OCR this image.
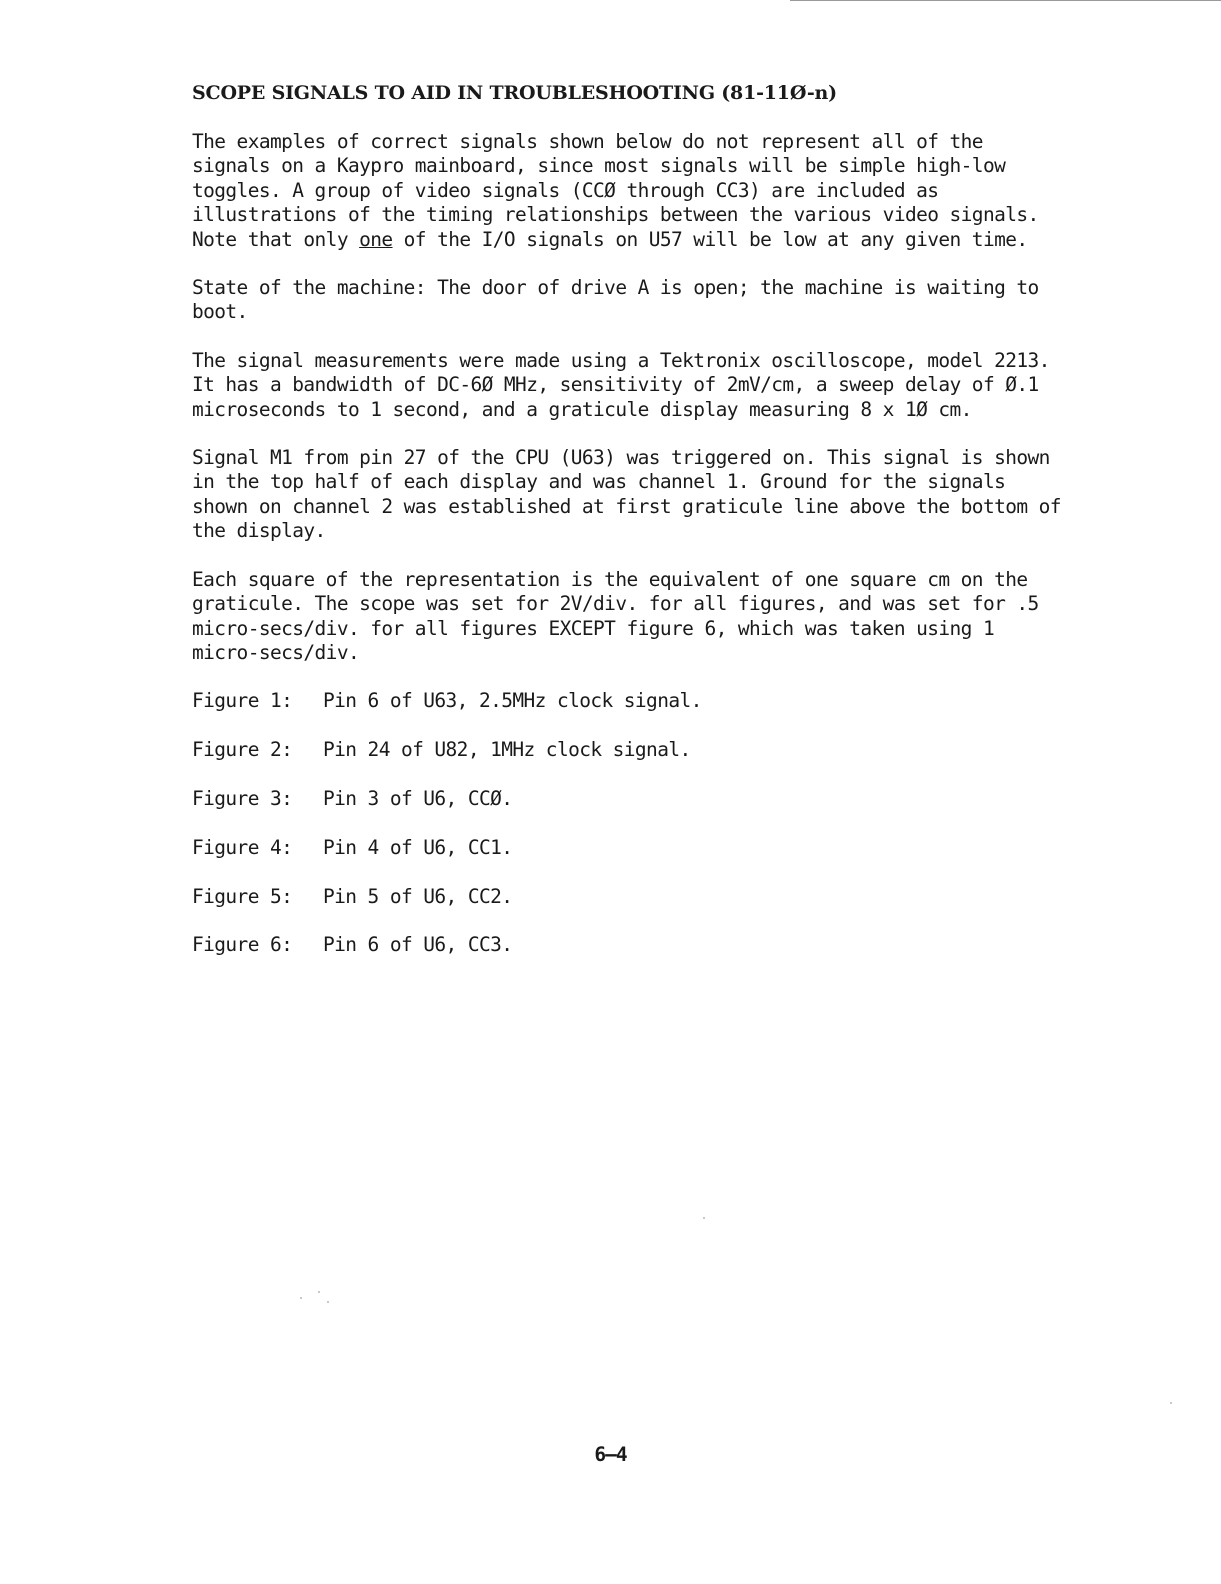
SCOPE SIGNALS TO AID IN TROUBLESHOOTING (81-11Ø-n)

The examples of correct signals shown below do not represent all of the
signals on a Kaypro mainboard, since most signals will be simple high-low
toggles. A group of video signals (CCØ through CC3) are included as
illustrations of the timing relationships between the various video signals.
Note that only one of the I/O signals on U57 will be low at any given time.

State of the machine: The door of drive A is open; the machine is waiting to
boot.

The signal measurements were made using a Tektronix oscilloscope, model 2213.
It has a bandwidth of DC-6Ø MHz, sensitivity of 2mV/cm, a sweep delay of Ø.1
microseconds to 1 second, and a graticule display measuring 8 x 1Ø cm.

Signal M1 from pin 27 of the CPU (U63) was triggered on. This signal is shown
in the top half of each display and was channel 1. Ground for the signals
shown on channel 2 was established at first graticule line above the bottom of
the display.

Each square of the representation is the equivalent of one square cm on the
graticule. The scope was set for 2V/div. for all figures, and was set for .5
micro-secs/div. for all figures EXCEPT figure 6, which was taken using 1
micro-secs/div.

Figure 1:	Pin 6 of U63, 2.5MHz clock signal.
Figure 2:	Pin 24 of U82, 1MHz clock signal.
Figure 3:	Pin 3 of U6, CCØ.
Figure 4:	Pin 4 of U6, CC1.
Figure 5:	Pin 5 of U6, CC2.
Figure 6:	Pin 6 of U6, CC3.
6—4
